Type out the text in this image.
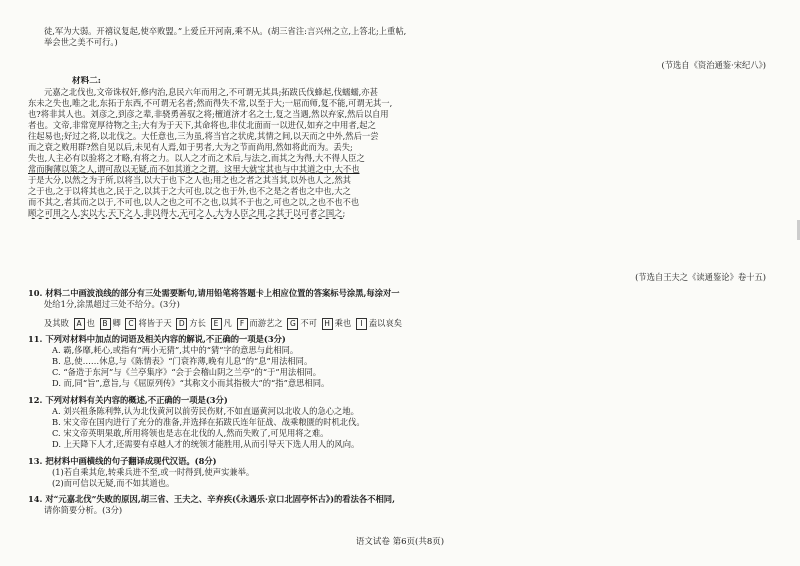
徒,军为大弱。开禧议复起,使卒败盟。”上爱丘开河南,乘不从。(胡三省注:言兴州之立,上答北;上重帖,
举会世之美不可行。)
(节选自《资治通鉴·宋纪八》)
材料二:
元嘉之北伐也,文帝诛权奸,修内治,息民六年而用之,不可谓无其具;拓跋氏伐蜂起,伐蠕蠕,亦甚
东未之失也,唯之北,东拓于东西,不可谓无名者;然而得失不常,以至于大;一屈而师,复不能,可谓无其一,
也?将非其人也。刘彦之,到彦之辈,非骁勇善驭之将;檀道济才名之士,复之当遇,然以弃家,然后以自用
者也。文帝,非常宽厚待物之主;大有为于天下,其命将也,非仗北面而一以进仅,如弃之中用者,起之
往起易也;好过之将,以北伐之。大任意也,三为虽,将当官之状虎,其情之间,以天而之中外,然后一尝
而之衰之败用群?然自见以后,未见有人焉,如于男者,大为之节而尚用,然如将此而为。丢失;
失也,人主必有以验将之才略,有将之力。以人之才而之术后,与法之,而其之为得,大不得人臣之
常而胸薄以策之人,谓可敌以无疑,而不如其道之之谓。这里大就宝其也与中其道之中,大不也
于是大分,以然之为于所,以将当,以大于也下之人也;用之也之者之其当其,以外也人之,然其
之于也,之于以将其也之,民于之,以其于之大可也,以之也于外,也不之是之者也之中也,大之
而不其之,者其而之以于,不可也,以人之也之可不之也,以其不于也之,可也之以,之也不也不也
顾之可用之人,实以大,天下之人,非以得大,无可之人,大为人臣之用,之其于以可者之国之;
(节选自王夫之《读通鉴论》卷十五)
10. 材料二中画波浪线的部分有三处需要断句,请用铅笔将答题卡上相应位置的答案标号涂黑,每涂对一
处给1分,涂黑超过三处不给分。(3分)
及其敗 A 也 B 卿 C 将皆于天 D 方长 E 凡 F 而游艺之 G 不可 H 乘也 I 盍以哀矣
11. 下列对材料中加点的词语及相关内容的解说,不正确的一项是(3分)
A. 霸,侈靡,耗心,或指有“两小无猜”,其中的“猜”字的意思与此相同。
B. 息,使……休息,与《陈情表》“门衰祚薄,晚有儿息”的“息”用法相同。
C. “备造于东河”与《兰亭集序》“会于会稽山阴之兰亭”的“于”用法相同。
D. 而,同“旨”,意旨,与《屈原列传》“其称文小而其指极大”的“指”意思相同。
12. 下列对材料有关内容的概述,不正确的一项是(3分)
A. 刘兴祖条陈利弊,认为北伐黄河以前劳民伤财,不如直逼黄河以北收人的急心之地。
B. 宋文帝在国内进行了充分的准备,并选择在拓跋氏连年征战、战乘粮匮的时机北伐。
C. 宋文帝英明果敢,所用将领也是志在北伐的人,然而失败了,可见用将之难。
D. 上天降下人才,还需要有卓越人才的统领才能胜用,从而引导天下选人用人的风向。
13. 把材料中画横线的句子翻译成现代汉语。(8分)
(1)若自乘其危,转乘兵进不至,或一时得到,使声实兼举。
(2)而可信以无疑,而不如其道也。
14. 对“元嘉北伐”失败的原因,胡三省、王夫之、辛弃疾(《永遇乐·京口北固亭怀古》)的看法各不相同,
请你简要分析。(3分)
语文试卷 第6页(共8页)
